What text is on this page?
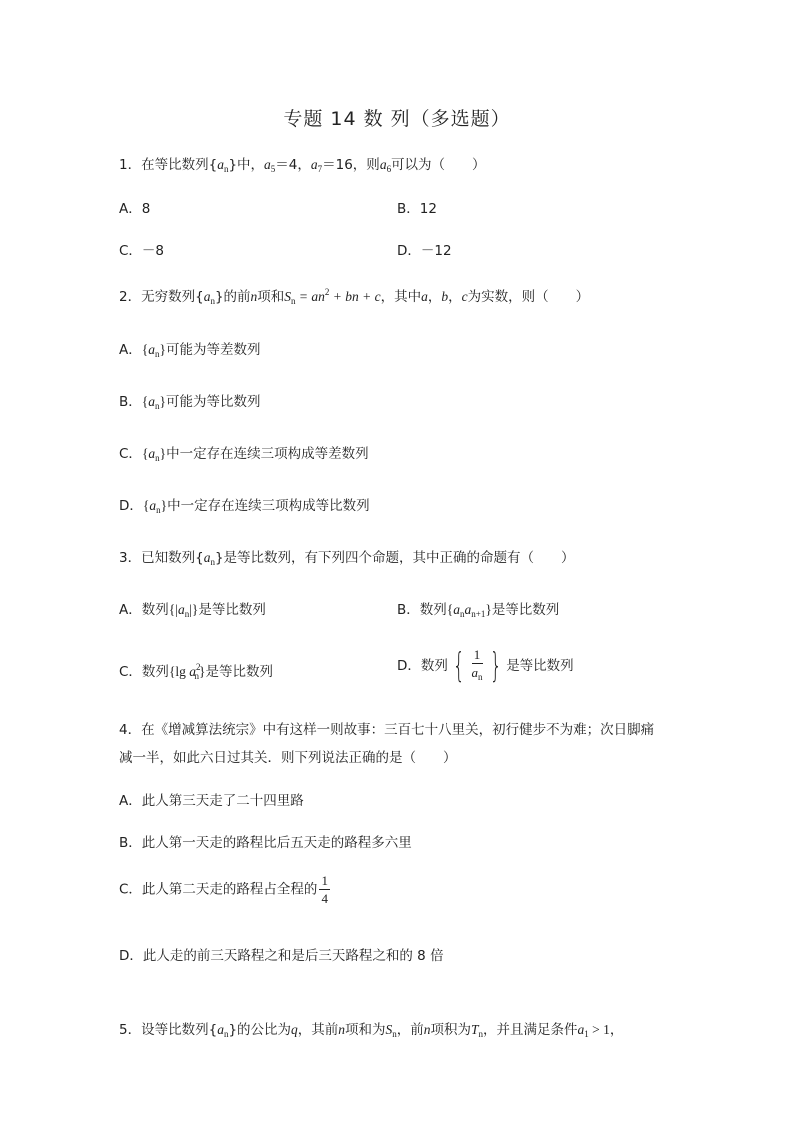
专题 14 数 列（多选题）
1．在等比数列$\{a_n\}$中，$a_5=4$，$a_7=16$，则$a_6$可以为（　　）
A．8	B．12
C．－8	D．－12
2．无穷数列$\{a_n\}$的前n项和$S_n = an^2$ + bn + c，其中a，b，c为实数，则（　　）
A．$\{a_n\}$可能为等差数列
B．$\{a_n\}$可能为等比数列
C．$\{a_n\}$中一定存在连续三项构成等差数列
D．$\{a_n\}$中一定存在连续三项构成等比数列
3．已知数列$\{a_n\}$是等比数列，有下列四个命题，其中正确的命题有（　　）
A．数列$\{|a_n|\}$是等比数列	B．数列$\{a_na_{n+1}\}$是等比数列
C．数列{lg $a^2_n$}是等比数列	D．数列 { $\frac{1}{a_n}$ } 是等比数列
4．在《增减算法统宗》中有这样一则故事：三百七十八里关，初行健步不为难；次日脚痛
减一半，如此六日过其关．则下列说法正确的是（　　）
A．此人第三天走了二十四里路
B．此人第一天走的路程比后五天走的路程多六里
C．此人第二天走的路程占全程的 $\frac{1}{4}$
D．此人走的前三天路程之和是后三天路程之和的 8 倍
5．设等比数列$\{a_n\}$的公比为q，其前n项和为$S_n$，前n项积为$T_n$，并且满足条件$a_1 > 1$，
